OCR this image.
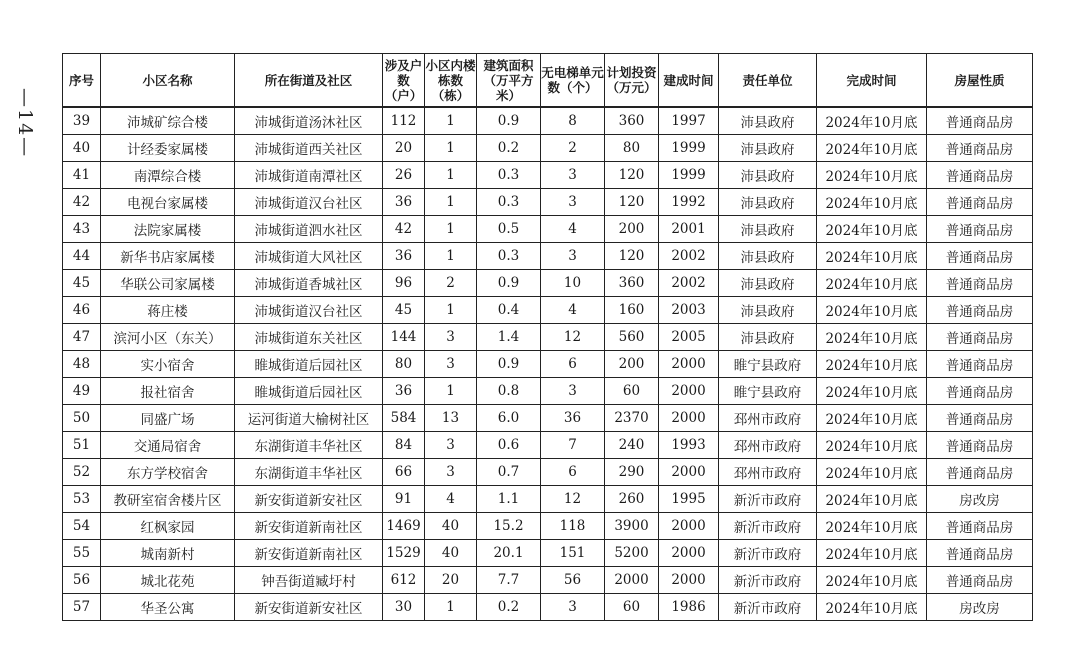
—14—
序号	小区名称	所在街道及社区	涉及户数（户）	小区内楼栋数（栋）	建筑面积（万平方米）	无电梯单元数（个）	计划投资（万元）	建成时间	责任单位	完成时间	房屋性质
39	沛城矿综合楼	沛城街道汤沐社区	112	1	0.9	8	360	1997	沛县政府	2024年10月底	普通商品房
40	计经委家属楼	沛城街道西关社区	20	1	0.2	2	80	1999	沛县政府	2024年10月底	普通商品房
41	南潭综合楼	沛城街道南潭社区	26	1	0.3	3	120	1999	沛县政府	2024年10月底	普通商品房
42	电视台家属楼	沛城街道汉台社区	36	1	0.3	3	120	1992	沛县政府	2024年10月底	普通商品房
43	法院家属楼	沛城街道泗水社区	42	1	0.5	4	200	2001	沛县政府	2024年10月底	普通商品房
44	新华书店家属楼	沛城街道大风社区	36	1	0.3	3	120	2002	沛县政府	2024年10月底	普通商品房
45	华联公司家属楼	沛城街道香城社区	96	2	0.9	10	360	2002	沛县政府	2024年10月底	普通商品房
46	蒋庄楼	沛城街道汉台社区	45	1	0.4	4	160	2003	沛县政府	2024年10月底	普通商品房
47	滨河小区（东关）	沛城街道东关社区	144	3	1.4	12	560	2005	沛县政府	2024年10月底	普通商品房
48	实小宿舍	睢城街道后园社区	80	3	0.9	6	200	2000	睢宁县政府	2024年10月底	普通商品房
49	报社宿舍	睢城街道后园社区	36	1	0.8	3	60	2000	睢宁县政府	2024年10月底	普通商品房
50	同盛广场	运河街道大榆树社区	584	13	6.0	36	2370	2000	邳州市政府	2024年10月底	普通商品房
51	交通局宿舍	东湖街道丰华社区	84	3	0.6	7	240	1993	邳州市政府	2024年10月底	普通商品房
52	东方学校宿舍	东湖街道丰华社区	66	3	0.7	6	290	2000	邳州市政府	2024年10月底	普通商品房
53	教研室宿舍楼片区	新安街道新安社区	91	4	1.1	12	260	1995	新沂市政府	2024年10月底	房改房
54	红枫家园	新安街道新南社区	1469	40	15.2	118	3900	2000	新沂市政府	2024年10月底	普通商品房
55	城南新村	新安街道新南社区	1529	40	20.1	151	5200	2000	新沂市政府	2024年10月底	普通商品房
56	城北花苑	钟吾街道臧圩村	612	20	7.7	56	2000	2000	新沂市政府	2024年10月底	普通商品房
57	华圣公寓	新安街道新安社区	30	1	0.2	3	60	1986	新沂市政府	2024年10月底	房改房
